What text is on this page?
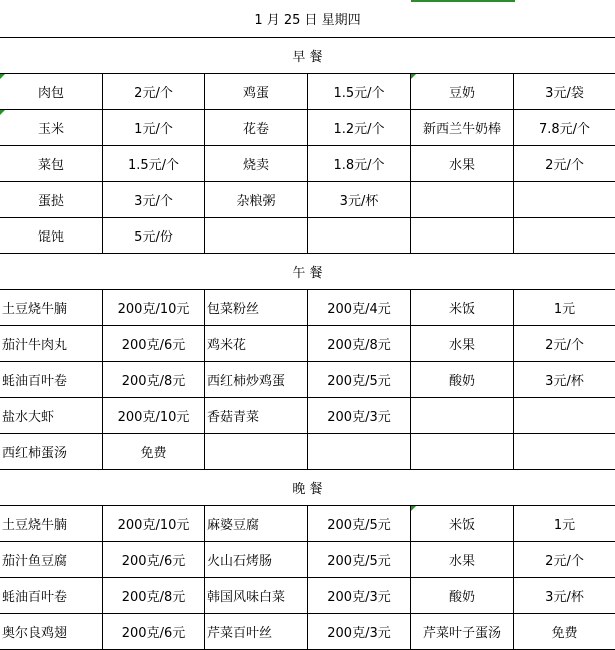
1 月 25 日 星期四
早 餐
肉包	2元/个	鸡蛋	1.5元/个	豆奶	3元/袋
玉米	1元/个	花卷	1.2元/个	新西兰牛奶棒	7.8元/个
菜包	1.5元/个	烧卖	1.8元/个	水果	2元/个
蛋挞	3元/个	杂粮粥	3元/杯
馄饨	5元/份
午 餐
土豆烧牛腩	200克/10元	包菜粉丝	200克/4元	米饭	1元
茄汁牛肉丸	200克/6元	鸡米花	200克/8元	水果	2元/个
蚝油百叶卷	200克/8元	西红柿炒鸡蛋	200克/5元	酸奶	3元/杯
盐水大虾	200克/10元	香菇青菜	200克/3元
西红柿蛋汤	免费
晚 餐
土豆烧牛腩	200克/10元	麻婆豆腐	200克/5元	米饭	1元
茄汁鱼豆腐	200克/6元	火山石烤肠	200克/5元	水果	2元/个
蚝油百叶卷	200克/8元	韩国风味白菜	200克/3元	酸奶	3元/杯
奥尔良鸡翅	200克/6元	芹菜百叶丝	200克/3元	芹菜叶子蛋汤	免费
